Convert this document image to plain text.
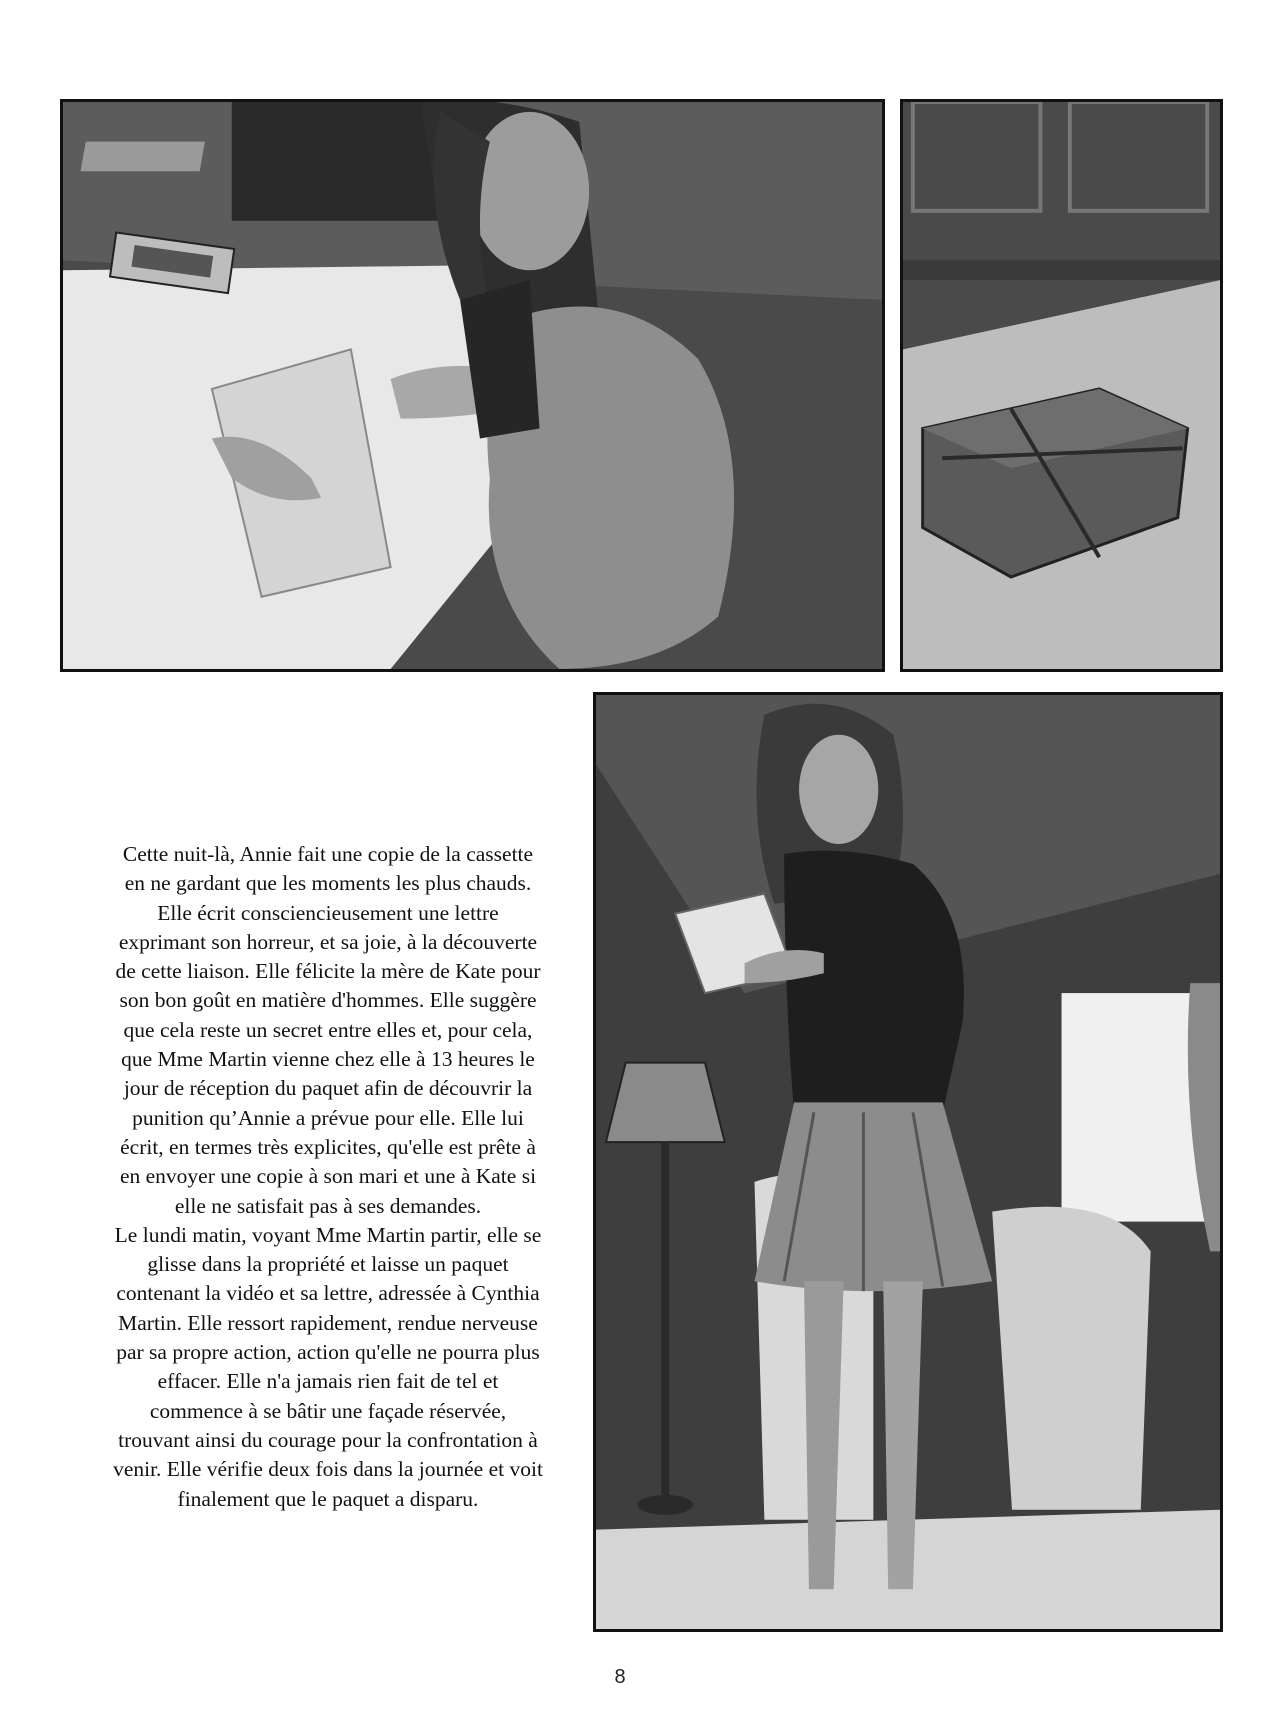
Cette nuit-là, Annie fait une copie de la cassette
en ne gardant que les moments les plus chauds.
Elle écrit consciencieusement une lettre
exprimant son horreur, et sa joie, à la découverte
de cette liaison. Elle félicite la mère de Kate pour
son bon goût en matière d'hommes. Elle suggère
que cela reste un secret entre elles et, pour cela,
que Mme Martin vienne chez elle à 13 heures le
jour de réception du paquet afin de découvrir la
punition qu’Annie a prévue pour elle. Elle lui
écrit, en termes très explicites, qu'elle est prête à
en envoyer une copie à son mari et une à Kate si
elle ne satisfait pas à ses demandes.
Le lundi matin, voyant Mme Martin partir, elle se
glisse dans la propriété et laisse un paquet
contenant la vidéo et sa lettre, adressée à Cynthia
Martin. Elle ressort rapidement, rendue nerveuse
par sa propre action, action qu'elle ne pourra plus
effacer. Elle n'a jamais rien fait de tel et
commence à se bâtir une façade réservée,
trouvant ainsi du courage pour la confrontation à
venir. Elle vérifie deux fois dans la journée et voit
finalement que le paquet a disparu.

8
